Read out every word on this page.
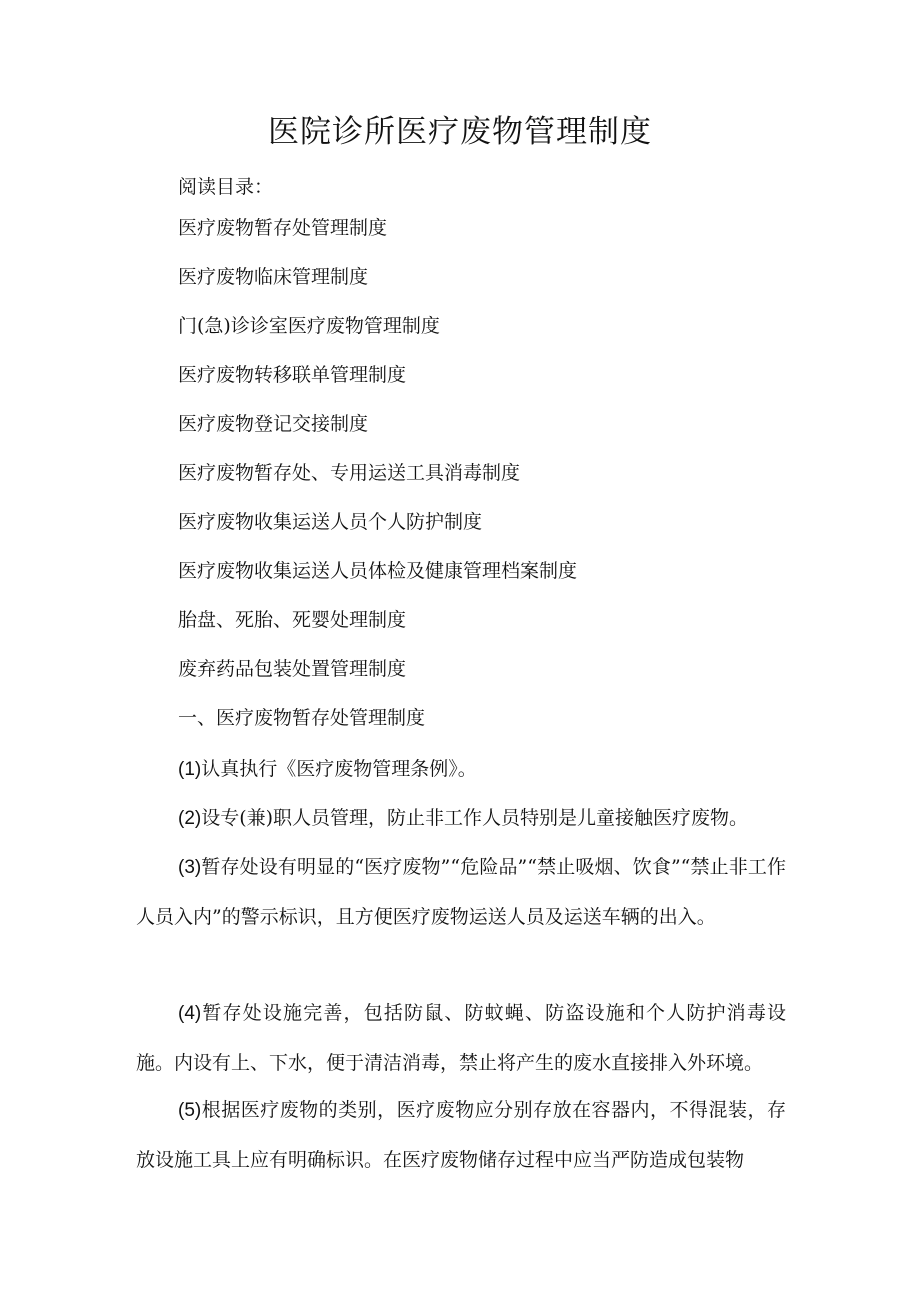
医院诊所医疗废物管理制度
阅读目录：
医疗废物暂存处管理制度
医疗废物临床管理制度
门(急)诊诊室医疗废物管理制度
医疗废物转移联单管理制度
医疗废物登记交接制度
医疗废物暂存处、专用运送工具消毒制度
医疗废物收集运送人员个人防护制度
医疗废物收集运送人员体检及健康管理档案制度
胎盘、死胎、死婴处理制度
废弃药品包装处置管理制度
一、医疗废物暂存处管理制度

(1)认真执行《医疗废物管理条例》。

(2)设专(兼)职人员管理，防止非工作人员特别是儿童接触医疗废物。

(3)暂存处设有明显的“医疗废物”“危险品”“禁止吸烟、饮食”“禁止非工作人员入内”的警示标识，且方便医疗废物运送人员及运送车辆的出入。

(4)暂存处设施完善，包括防鼠、防蚊蝇、防盗设施和个人防护消毒设施。内设有上、下水，便于清洁消毒，禁止将产生的废水直接排入外环境。

(5)根据医疗废物的类别，医疗废物应分别存放在容器内，不得混装，存放设施工具上应有明确标识。在医疗废物储存过程中应当严防造成包装物
